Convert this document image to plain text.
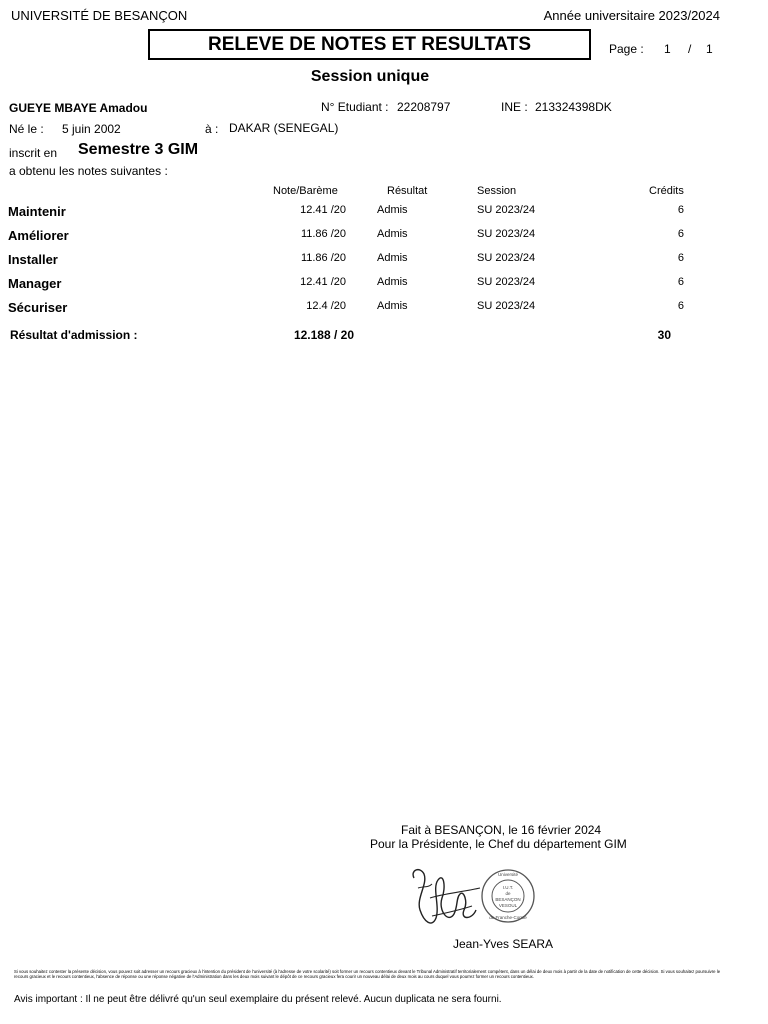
UNIVERSITÉ DE BESANÇON	Année universitaire 2023/2024
RELEVE DE NOTES ET RESULTATS	Page : 1 / 1
Session unique
GUEYE MBAYE Amadou	N° Etudiant : 22208797	INE : 213324398DK
Né le : 5 juin 2002	à : DAKAR (SENEGAL)
inscrit en Semestre 3 GIM
a obtenu les notes suivantes :
Note/Barème	Résultat	Session	Crédits
Maintenir	12.41 /20	Admis	SU 2023/24	6
Améliorer	11.86 /20	Admis	SU 2023/24	6
Installer	11.86 /20	Admis	SU 2023/24	6
Manager	12.41 /20	Admis	SU 2023/24	6
Sécuriser	12.4 /20	Admis	SU 2023/24	6
Résultat d'admission :	12.188 / 20	30
Fait à BESANÇON, le 16 février 2024
Pour la Présidente, le Chef du département GIM
Université
I.U.T.
de
BESANÇON
VESOUL
de Franche-Comté
Jean-Yves SEARA
Si vous souhaitez contester la présente décision, vous pouvez soit adresser un recours gracieux à l'intention du président de l'université (à l'adresse de votre scolarité) soit former un recours contentieux devant le Tribunal Administratif territorialement compétent, dans un délai de deux mois à partir de la date de notification de cette décision. Si vous souhaitez poursuivre le recours gracieux et le recours contentieux, l'absence de réponse ou une réponse négative de l'Administration dans les deux mois suivant le dépôt de ce recours gracieux fera courir un nouveau délai de deux mois au cours duquel vous pourrez former un recours contentieux.
Avis important : Il ne peut être délivré qu'un seul exemplaire du présent relevé. Aucun duplicata ne sera fourni.
